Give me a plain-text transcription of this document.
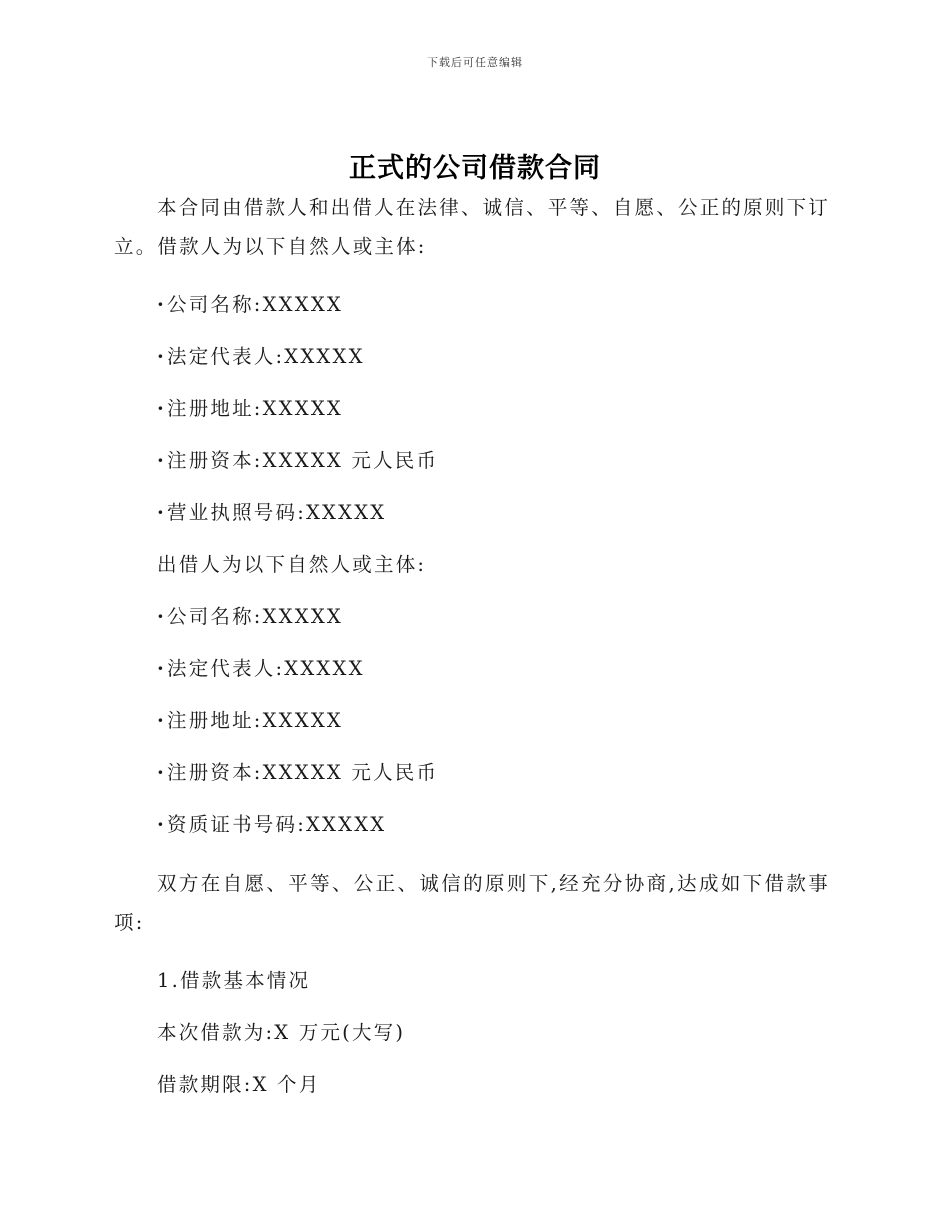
下载后可任意编辑
正式的公司借款合同

本合同由借款人和出借人在法律、诚信、平等、自愿、公正的原则下订立。借款人为以下自然人或主体:

·公司名称:XXXXX

·法定代表人:XXXXX

·注册地址:XXXXX

·注册资本:XXXXX 元人民币

·营业执照号码:XXXXX

出借人为以下自然人或主体:

·公司名称:XXXXX

·法定代表人:XXXXX

·注册地址:XXXXX

·注册资本:XXXXX 元人民币

·资质证书号码:XXXXX

双方在自愿、平等、公正、诚信的原则下,经充分协商,达成如下借款事项:

1.借款基本情况

本次借款为:X 万元(大写)

借款期限:X 个月
